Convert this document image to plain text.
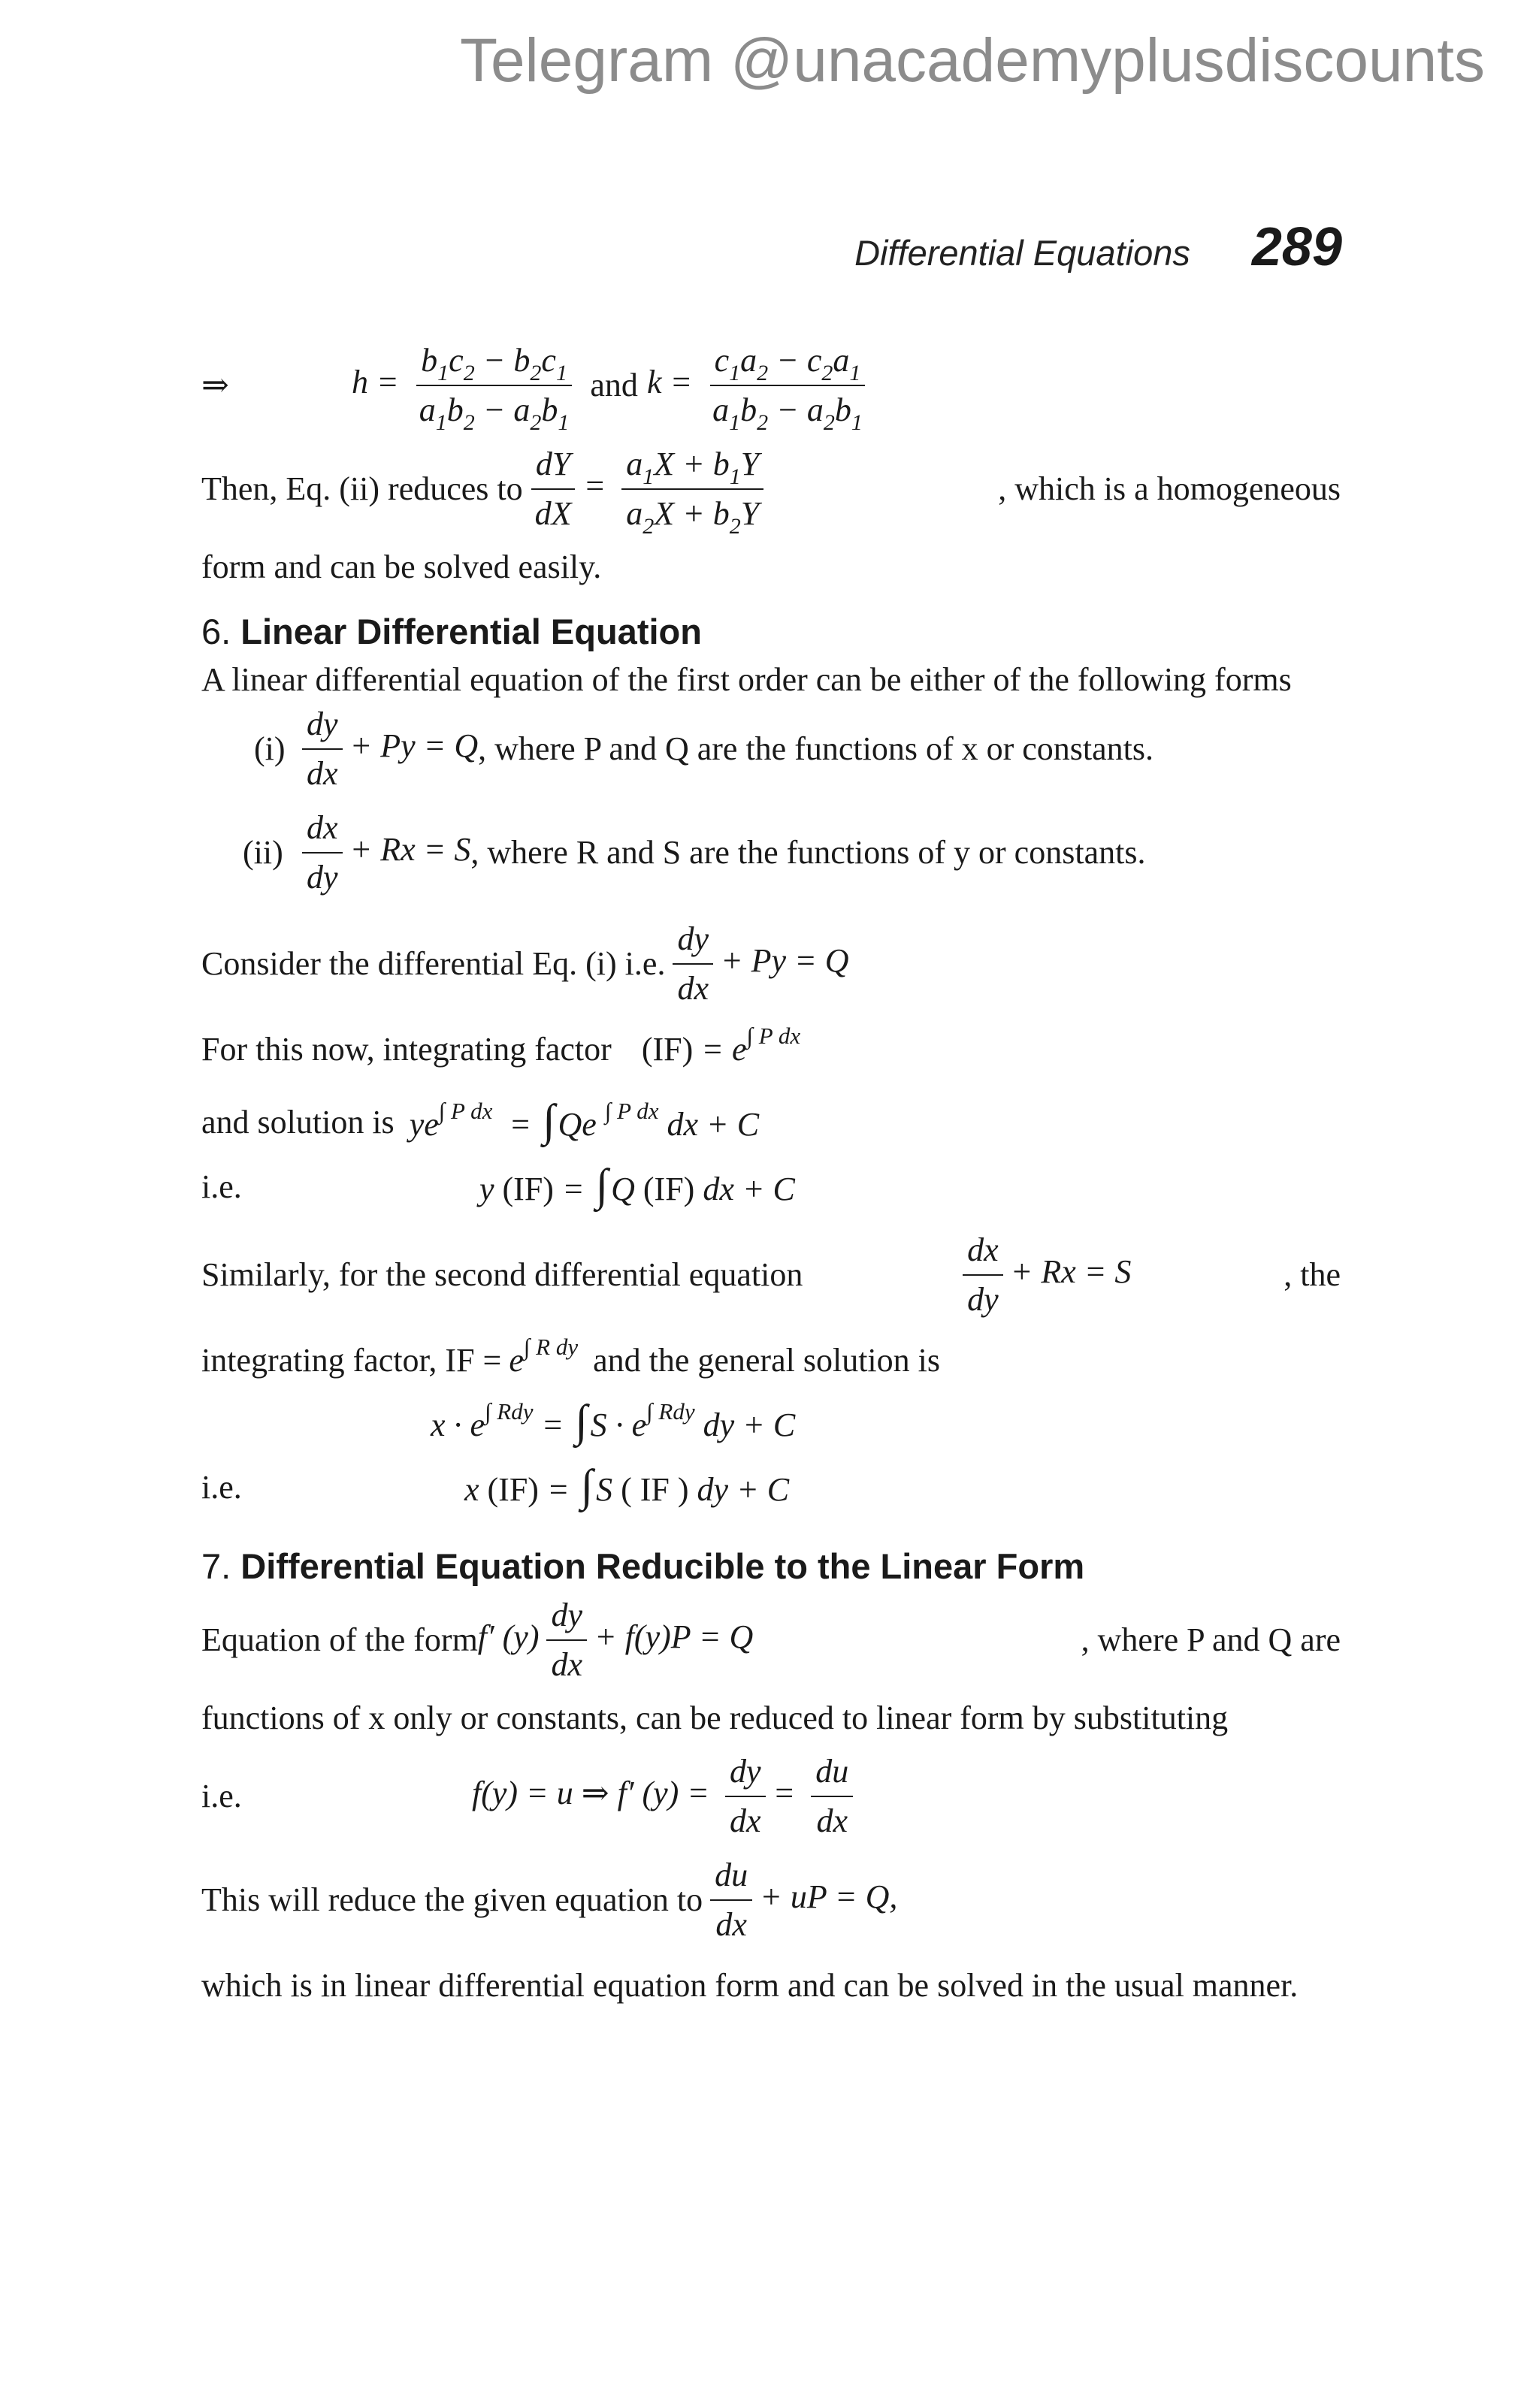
Telegram @unacademyplusdiscounts
Differential Equations 289
⇒	$h = \frac{b_1c_2 - b_2c_1}{a_1b_2 - a_2b_1}$ and $k = \frac{c_1a_2 - c_2a_1}{a_1b_2 - a_2b_1}$
Then, Eq. (ii) reduces to $\frac{dY}{dX} = \frac{a_1X + b_1Y}{a_2X + b_2Y}$	, which is a homogeneous
form and can be solved easily.
6. Linear Differential Equation
A linear differential equation of the first order can be either of the following forms
$(i) \frac{dy}{dx} + Py = Q$ , where P and Q are the functions of x or constants.
$(ii) \frac{dx}{dy} + Rx = S$ , where R and S are the functions of y or constants.
Consider the differential Eq. (i) i.e. $\frac{dy}{dx} + Py = Q$
For this now, integrating factor $(IF) = e^{\int P dx}$
and solution is $ye^{\int P dx} = \int Qe$ $^{\int P dx}$ dx + C
i.e.	y (IF) = ∫Q (IF) dx + C
Similarly, for the second differential equation	$\frac{dx}{dy} + Rx = S$	, the
integrating factor, IF = $e^{\int R dy}$ and the general solution is
$x \cdot e^{\int Rdy} = \int S \cdot e^{\int Rdy}$ dy + C
i.e.	x (IF) = ∫S ( IF ) dy + C
7. Differential Equation Reducible to the Linear Form
Equation of the form f′ $(y) \frac{dy}{dx} + f(y)P = Q$	, where P and Q are
functions of x only or constants, can be reduced to linear form by substituting
i.e.	f(y) = u ⇒ f′ $(y) = \frac{dy}{dx} = \frac{du}{dx}$
This will reduce the given equation to $\frac{du}{dx}$ + uP = Q,
which is in linear differential equation form and can be solved in the usual manner.
